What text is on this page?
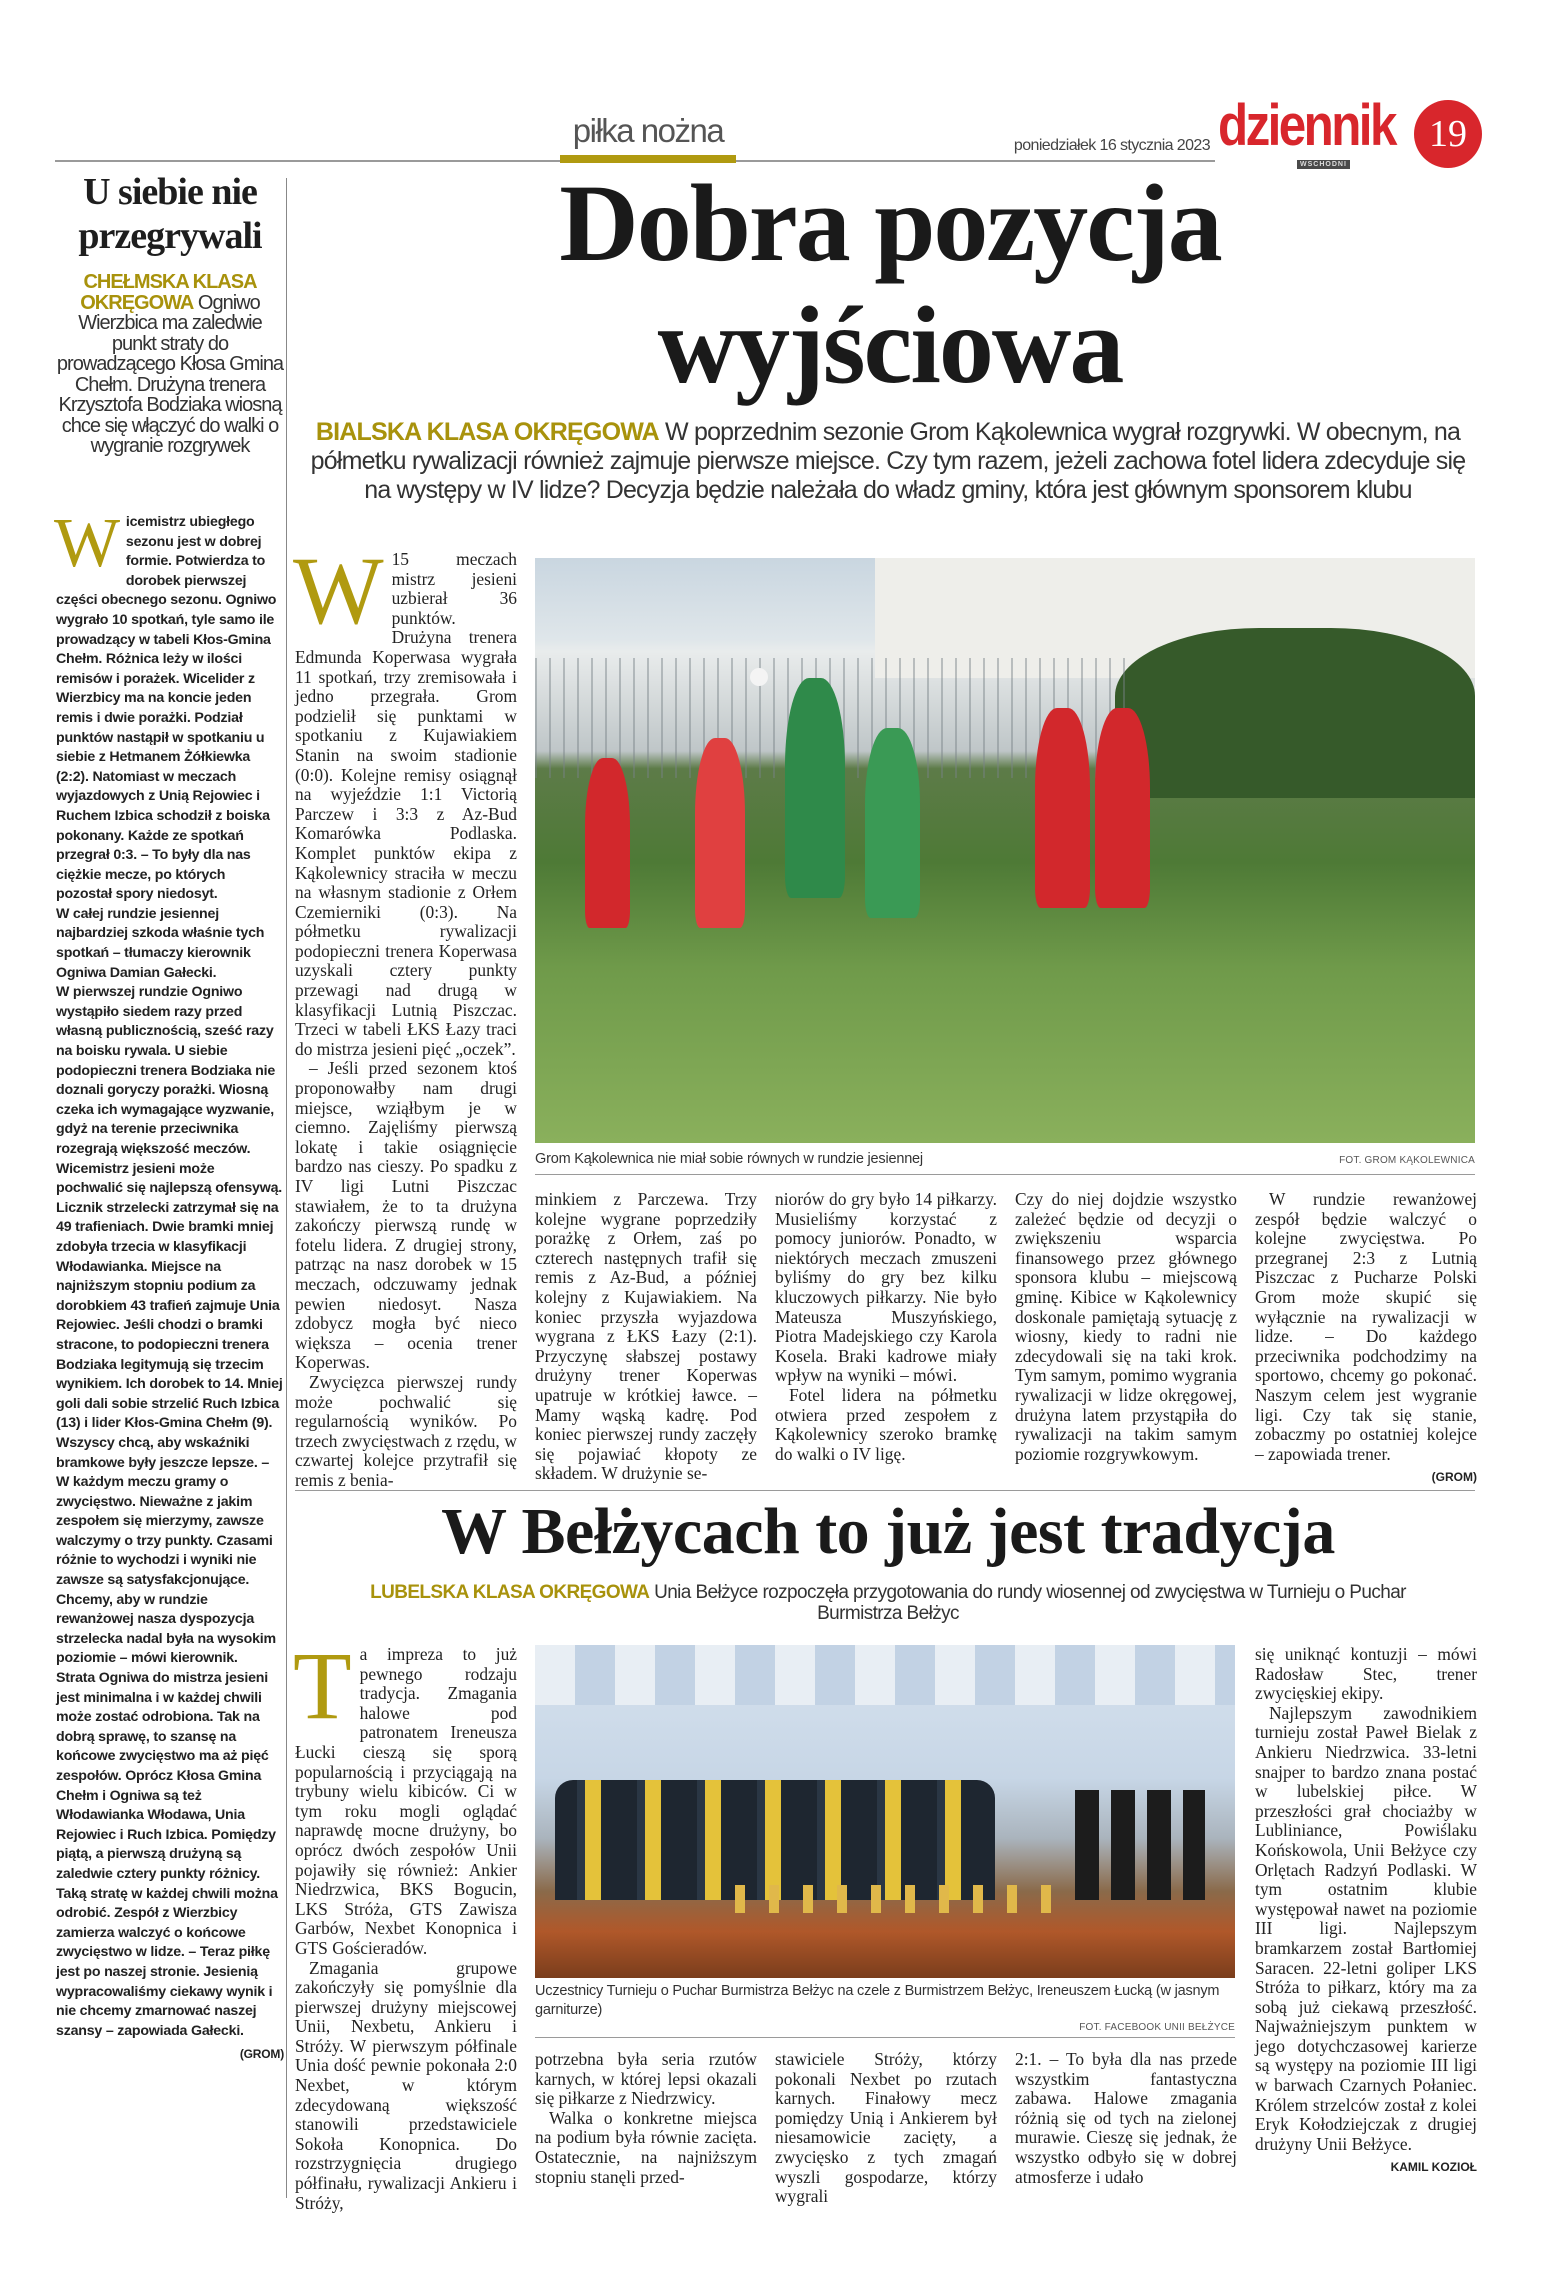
piłka nożna	poniedziałek 16 stycznia 2023 dziennik
WSCHODNI
19
U siebie nie przegrywali
CHEŁMSKA KLASA OKRĘGOWA Ogniwo Wierzbica ma zaledwie punkt straty do prowadzącego Kłosa Gmina Chełm. Drużyna trenera Krzysztofa Bodziaka wiosną chce się włączyć do walki o wygranie rozgrywek

Wicemistrz ubiegłego sezonu jest w dobrej formie. Potwierdza to dorobek pierwszej części obecnego sezonu. Ogniwo wygrało 10 spotkań, tyle samo ile prowadzący w tabeli Kłos-Gmina Chełm. Różnica leży w ilości remisów i porażek. Wicelider z Wierzbicy ma na koncie jeden remis i dwie porażki. Podział punktów nastąpił w spotkaniu u siebie z Hetmanem Żółkiewka (2:2). Natomiast w meczach wyjazdowych z Unią Rejowiec i Ruchem Izbica schodził z boiska pokonany. Każde ze spotkań przegrał 0:3. – To były dla nas ciężkie mecze, po których pozostał spory niedosyt.

W całej rundzie jesiennej najbardziej szkoda właśnie tych spotkań – tłumaczy kierownik Ogniwa Damian Gałecki.

W pierwszej rundzie Ogniwo wystąpiło siedem razy przed własną publicznością, sześć razy na boisku rywala. U siebie podopieczni trenera Bodziaka nie doznali goryczy porażki. Wiosną czeka ich wymagające wyzwanie, gdyż na terenie przeciwnika rozegrają większość meczów. Wicemistrz jesieni może pochwalić się najlepszą ofensywą. Licznik strzelecki zatrzymał się na 49 trafieniach. Dwie bramki mniej zdobyła trzecia w klasyfikacji Włodawianka. Miejsce na najniższym stopniu podium za dorobkiem 43 trafień zajmuje Unia Rejowiec. Jeśli chodzi o bramki stracone, to podopieczni trenera Bodziaka legitymują się trzecim wynikiem. Ich dorobek to 14. Mniej goli dali sobie strzelić Ruch Izbica (13) i lider Kłos-Gmina Chełm (9). Wszyscy chcą, aby wskaźniki bramkowe były jeszcze lepsze. – W każdym meczu gramy o zwycięstwo. Nieważne z jakim zespołem się mierzymy, zawsze walczymy o trzy punkty. Czasami różnie to wychodzi i wyniki nie zawsze są satysfakcjonujące. Chcemy, aby w rundzie rewanżowej nasza dyspozycja strzelecka nadal była na wysokim poziomie – mówi kierownik.

Strata Ogniwa do mistrza jesieni jest minimalna i w każdej chwili może zostać odrobiona. Tak na dobrą sprawę, to szansę na końcowe zwycięstwo ma aż pięć zespołów. Oprócz Kłosa Gmina Chełm i Ogniwa są też Włodawianka Włodawa, Unia Rejowiec i Ruch Izbica. Pomiędzy piątą, a pierwszą drużyną są zaledwie cztery punkty różnicy. Taką stratę w każdej chwili można odrobić. Zespół z Wierzbicy zamierza walczyć o końcowe zwycięstwo w lidze. – Teraz piłkę jest po naszej stronie. Jesienią wypracowaliśmy ciekawy wynik i nie chcemy zmarnować naszej szansy – zapowiada Gałecki.

(GROM)
Dobra pozycja wyjściowa
BIALSKA KLASA OKRĘGOWA W poprzednim sezonie Grom Kąkolewnica wygrał rozgrywki. W obecnym, na półmetku rywalizacji również zajmuje pierwsze miejsce. Czy tym razem, jeżeli zachowa fotel lidera zdecyduje się na występy w IV lidze? Decyzja będzie należała do władz gminy, która jest głównym sponsorem klubu

W 15 meczach mistrz jesieni uzbierał 36 punktów. Drużyna trenera Edmunda Koperwasa wygrała 11 spotkań, trzy zremisowała i jedno przegrała. Grom podzielił się punktami w spotkaniu z Kujawiakiem Stanin na swoim stadionie (0:0). Kolejne remisy osiągnął na wyjeździe 1:1 Victorią Parczew i 3:3 z Az-Bud Komarówka Podlaska. Komplet punktów ekipa z Kąkolewnicy straciła w meczu na własnym stadionie z Orłem Czemierniki (0:3). Na półmetku rywalizacji podopieczni trenera Koperwasa uzyskali cztery punkty przewagi nad drugą w klasyfikacji Lutnią Piszczac. Trzeci w tabeli ŁKS Łazy traci do mistrza jesieni pięć „oczek”.

– Jeśli przed sezonem ktoś proponowałby nam drugi miejsce, wziąłbym je w ciemno. Zajęliśmy pierwszą lokatę i takie osiągnięcie bardzo nas cieszy. Po spadku z IV ligi Lutni Piszczac stawiałem, że to ta drużyna zakończy pierwszą rundę w fotelu lidera. Z drugiej strony, patrząc na nasz dorobek w 15 meczach, odczuwamy jednak pewien niedosyt. Nasza zdobycz mogła być nieco większa – ocenia trener Koperwas.

Zwycięzca pierwszej rundy może pochwalić się regularnością wyników. Po trzech zwycięstwach z rzędu, w czwartej kolejce przytrafił się remis z benia-

Grom Kąkolewnica nie miał sobie równych w rundzie jesiennej	FOT. GROM KĄKOLEWNICA

minkiem z Parczewa. Trzy kolejne wygrane poprzedziły porażkę z Orłem, zaś po czterech następnych trafił się remis z Az-Bud, a później kolejny z Kujawiakiem. Na koniec przyszła wyjazdowa wygrana z ŁKS Łazy (2:1). Przyczynę słabszej postawy drużyny trener Koperwas upatruje w krótkiej ławce. – Mamy wąską kadrę. Pod koniec pierwszej rundy zaczęły się pojawiać kłopoty ze składem. W drużynie se-

niorów do gry było 14 piłkarzy. Musieliśmy korzystać z pomocy juniorów. Ponadto, w niektórych meczach zmuszeni byliśmy do gry bez kilku kluczowych piłkarzy. Nie było Mateusza Muszyńskiego, Piotra Madejskiego czy Karola Kosela. Braki kadrowe miały wpływ na wyniki – mówi.

Fotel lidera na półmetku otwiera przed zespołem z Kąkolewnicy szeroko bramkę do walki o IV ligę.

Czy do niej dojdzie wszystko zależeć będzie od decyzji o zwiększeniu wsparcia finansowego przez głównego sponsora klubu – miejscową gminę. Kibice w Kąkolewnicy doskonale pamiętają sytuację z wiosny, kiedy to radni nie zdecydowali się na taki krok. Tym samym, pomimo wygrania rywalizacji w lidze okręgowej, drużyna latem przystąpiła do rywalizacji na takim samym poziomie rozgrywkowym.

W rundzie rewanżowej zespół będzie walczyć o kolejne zwycięstwa. Po przegranej 2:3 z Lutnią Piszczac z Pucharze Polski Grom może skupić się wyłącznie na rywalizacji w lidze. – Do każdego przeciwnika podchodzimy na sportowo, chcemy go pokonać. Naszym celem jest wygranie ligi. Czy tak się stanie, zobaczmy po ostatniej kolejce – zapowiada trener.

(GROM)
W Bełżycach to już jest tradycja
LUBELSKA KLASA OKRĘGOWA Unia Bełżyce rozpoczęła przygotowania do rundy wiosennej od zwycięstwa w Turnieju o Puchar Burmistrza Bełżyc

Ta impreza to już pewnego rodzaju tradycja. Zmagania halowe pod patronatem Ireneusza Łucki cieszą się sporą popularnością i przyciągają na trybuny wielu kibiców. Ci w tym roku mogli oglądać naprawdę mocne drużyny, bo oprócz dwóch zespołów Unii pojawiły się również: Ankier Niedrzwica, BKS Bogucin, LKS Stróża, GTS Zawisza Garbów, Nexbet Konopnica i GTS Gościeradów.

Zmagania grupowe zakończyły się pomyślnie dla pierwszej drużyny miejscowej Unii, Nexbetu, Ankieru i Stróży. W pierwszym półfinale Unia dość pewnie pokonała 2:0 Nexbet, w którym zdecydowaną większość stanowili przedstawiciele Sokoła Konopnica. Do rozstrzygnięcia drugiego półfinału, rywalizacji Ankieru i Stróży,

Uczestnicy Turnieju o Puchar Burmistrza Bełżyc na czele z Burmistrzem Bełżyc, Ireneuszem Łucką (w jasnym garniturze)
FOT. FACEBOOK UNII BEŁŻYCE

potrzebna była seria rzutów karnych, w której lepsi okazali się piłkarze z Niedrzwicy.

Walka o konkretne miejsca na podium była równie zacięta. Ostatecznie, na najniższym stopniu stanęli przed-

stawiciele Stróży, którzy pokonali Nexbet po rzutach karnych. Finałowy mecz pomiędzy Unią i Ankierem był niesamowicie zacięty, a zwycięsko z tych zmagań wyszli gospodarze, którzy wygrali

2:1. – To była dla nas przede wszystkim fantastyczna zabawa. Halowe zmagania różnią się od tych na zielonej murawie. Cieszę się jednak, że wszystko odbyło się w dobrej atmosferze i udało

się uniknąć kontuzji – mówi Radosław Stec, trener zwycięskiej ekipy.

Najlepszym zawodnikiem turnieju został Paweł Bielak z Ankieru Niedrzwica. 33-letni snajper to bardzo znana postać w lubelskiej piłce. W przeszłości grał chociażby w Lubliniance, Powiślaku Końskowola, Unii Bełżyce czy Orlętach Radzyń Podlaski. W tym ostatnim klubie występował nawet na poziomie III ligi. Najlepszym bramkarzem został Bartłomiej Saracen. 22-letni goliper LKS Stróża to piłkarz, który ma za sobą już ciekawą przeszłość. Najważniejszym punktem w jego dotychczasowej karierze są występy na poziomie III ligi w barwach Czarnych Połaniec. Królem strzelców został z kolei Eryk Kołodziejczak z drugiej drużyny Unii Bełżyce.

KAMIL KOZIOŁ
